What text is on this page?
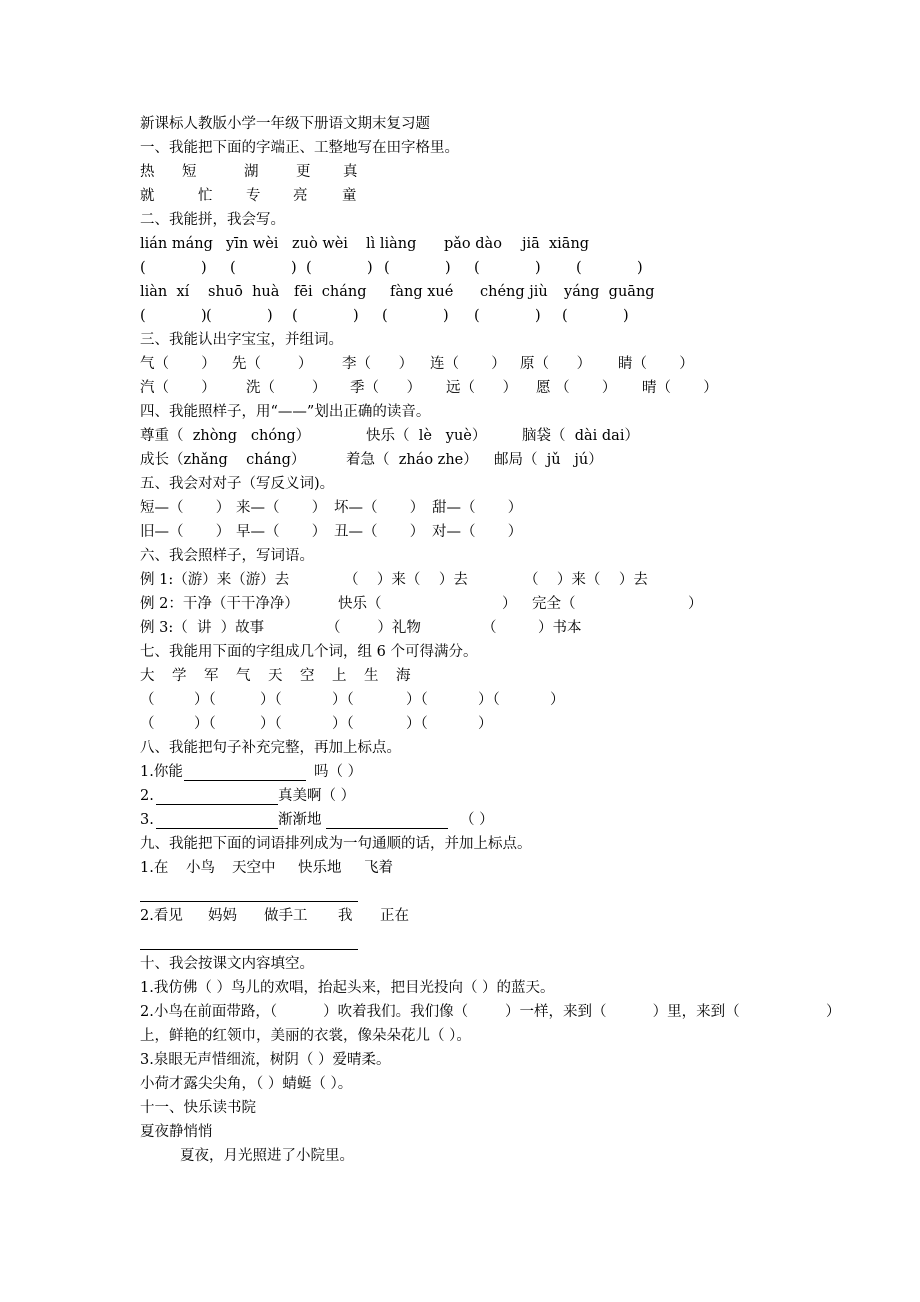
新课标人教版小学一年级下册语文期末复习题
一、我能把下面的字端正、工整地写在田字格里。
热 短	湖	更 真
就	忙 专 亮 童
二、我能拼，我会写。
lián máng yīn wèi zuò wèi lì liàng pǎo dào jiā  xiāng
(            ) (            ) (            ) (            ) (            ) (            )
liàn  xí shuō  huà fēi  cháng fàng xué chéng jiù yáng  guāng
(            ) (            ) (            ) (            ) (            ) (            )
三、我能认出字宝宝，并组词。
气（       ） 先（        ） 李（      ） 连（       ） 原（      ） 睛（       ）
汽（       ） 洗（        ） 季（      ） 远（      ） 愿 （       ） 晴（       ）
四、我能照样子，用“——”划出正确的读音。
尊重（  zhòng   chóng）	快乐（  lè   yuè） 脑袋（  dài dai）
成长（zhǎng    cháng）	着急（  zháo zhe） 邮局（  jǔ   jú）
五、我会对对子（写反义词)。
短—（       ） 来—（       ） 坏—（       ） 甜—（       ）
旧—（       ） 早—（       ） 丑—（       ） 对—（       ）
六、我会照样子，写词语。
例 1:（游）来（游）去	（    ）来（    ）去	（    ）来（    ）去
例 2：干净（干干净净）	快乐（	） 完全（	）
例 3:（  讲  ）故事	（        ）礼物	（         ）书本
七、我能用下面的字组成几个词，组 6 个可得满分。
大 学 军 气 天 空 上 生 海
（	）（	）（	）（	）（	）（	）
（	）（	）（	）（	）（	）
八、我能把句子补充完整，再加上标点。
1.你能	吗（ ）
2.	真美啊（ ）
3.	渐渐地	（ ）
九、我能把下面的词语排列成为一句通顺的话，并加上标点。
1.在 小鸟 天空中 快乐地 飞着
2.看见 妈妈 做手工 我 正在
十、我会按课文内容填空。
1.我仿佛（ ）鸟儿的欢唱，抬起头来，把目光投向（ ）的蓝天。
2.小鸟在前面带路，（          ）吹着我们。我们像（        ）一样，来到（          ）里，来到（	）
上，鲜艳的红领巾，美丽的衣裳，像朵朵花儿（ ）。
3.泉眼无声惜细流，树阴（ ）爱晴柔。
小荷才露尖尖角，（ ）蜻蜓（ ）。
十一、快乐读书院
夏夜静悄悄
夏夜，月光照进了小院里。
